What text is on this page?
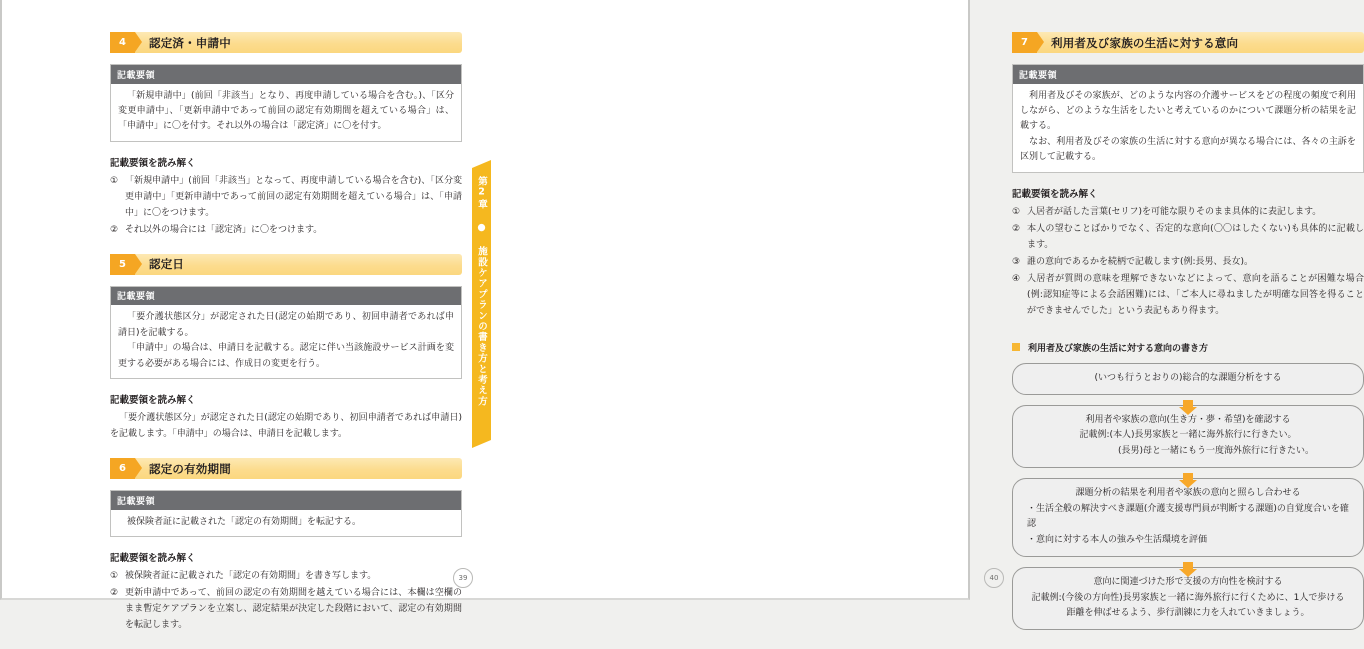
4	認定済・申請中
記載要領

「新規申請中」(前回「非該当」となり、再度申請している場合を含む。)、「区分変更申請中」、「更新申請中であって前回の認定有効期間を超えている場合」は、「申請中」に〇を付す。それ以外の場合は「認定済」に〇を付す。

記載要領を読み解く
① 「新規申請中」(前回「非該当」となって、再度申請している場合を含む)、「区分変更申請中」「更新申請中であって前回の認定有効期間を超えている場合」は、「申請中」に〇をつけます。
② それ以外の場合には「認定済」に〇をつけます。
5	認定日
記載要領

「要介護状態区分」が認定された日(認定の始期であり、初回申請者であれば申請日)を記載する。

「申請中」の場合は、申請日を記載する。認定に伴い当該施設サービス計画を変更する必要がある場合には、作成日の変更を行う。

記載要領を読み解く

「要介護状態区分」が認定された日(認定の始期であり、初回申請者であれば申請日)を記載します。「申請中」の場合は、申請日を記載します。

6	認定の有効期間
記載要領

被保険者証に記載された「認定の有効期間」を転記する。

記載要領を読み解く
① 被保険者証に記載された「認定の有効期間」を書き写します。
② 更新申請中であって、前回の認定の有効期間を越えている場合には、本欄は空欄のまま暫定ケアプランを立案し、認定結果が決定した段階において、認定の有効期間を転記します。
39
第2章 ● 施設ケアプランの書き方と考え方
7	利用者及び家族の生活に対する意向
記載要領

利用者及びその家族が、どのような内容の介護サービスをどの程度の頻度で利用しながら、どのような生活をしたいと考えているのかについて課題分析の結果を記載する。

なお、利用者及びその家族の生活に対する意向が異なる場合には、各々の主訴を区別して記載する。

記載要領を読み解く
① 入居者が話した言葉(セリフ)を可能な限りそのまま具体的に表記します。
② 本人の望むことばかりでなく、否定的な意向(〇〇はしたくない)も具体的に記載します。
③ 誰の意向であるかを続柄で記載します(例:長男、長女)。
④ 入居者が質問の意味を理解できないなどによって、意向を語ることが困難な場合(例:認知症等による会話困難)には、「ご本人に尋ねましたが明確な回答を得ることができませんでした」という表記もあり得ます。
利用者及び家族の生活に対する意向の書き方
(いつも行うとおりの)総合的な課題分析をする
利用者や家族の意向(生き方・夢・希望)を確認する
記載例:(本人)長男家族と一緒に海外旅行に行きたい。
(長男)母と一緒にもう一度海外旅行に行きたい。
課題分析の結果を利用者や家族の意向と照らし合わせる
・生活全般の解決すべき課題(介護支援専門員が判断する課題)の自覚度合いを確認
・意向に対する本人の強みや生活環境を評価
意向に関連づけた形で支援の方向性を検討する
記載例:(今後の方向性)長男家族と一緒に海外旅行に行くために、1人で歩ける
距離を伸ばせるよう、歩行訓練に力を入れていきましょう。
40
